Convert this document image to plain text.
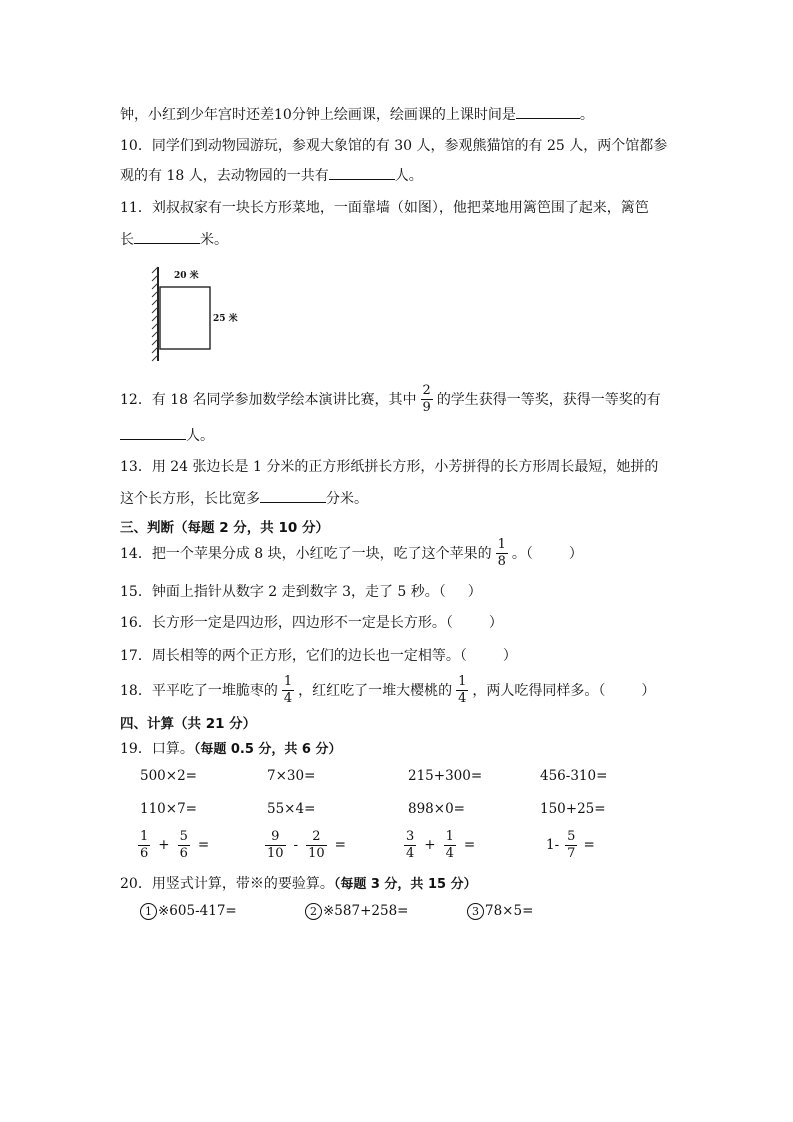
钟，小红到少年宫时还差10分钟上绘画课，绘画课的上课时间是	。
10．同学们到动物园游玩，参观大象馆的有 30 人，参观熊猫馆的有 25 人，两个馆都参
观的有 18 人，去动物园的一共有	人。
11．刘叔叔家有一块长方形菜地，一面靠墙（如图），他把菜地用篱笆围了起来，篱笆
长	米。
20 米
25 米
12．有 18 名同学参加数学绘本演讲比赛，其中 $\frac{2}{9}$ 的学生获得一等奖，获得一等奖的有
人。
13．用 24 张边长是 1 分米的正方形纸拼长方形，小芳拼得的长方形周长最短，她拼的
这个长方形，长比宽多	分米。
三、判断（每题 2 分，共 10 分）
14．把一个苹果分成 8 块，小红吃了一块，吃了这个苹果的 $\frac{1}{8}$ 。（	）
15．钟面上指针从数字 2 走到数字 3，走了 5 秒。（ ）
16．长方形一定是四边形，四边形不一定是长方形。（	）
17．周长相等的两个正方形，它们的边长也一定相等。（	）
18．平平吃了一堆脆枣的 $\frac{1}{4}$ ，红红吃了一堆大樱桃的 $\frac{1}{4}$ ，两人吃得同样多。（	）
四、计算（共 21 分）
19．口算。（每题 0.5 分，共 6 分）
500×2=	7×30=	215+300=	456-310=
110×7=	55×4=	898×0=	150+25=
$\frac{1}{6} + \frac{5}{6}$ =	$\frac{9}{10} - \frac{2}{10}$ =	$\frac{3}{4} + \frac{1}{4}$ =	$1- \frac{5}{7}$ =
20．用竖式计算，带※的要验算。（每题 3 分，共 15 分）
1 ※605-417=	2 ※587+258=	3 78×5=
